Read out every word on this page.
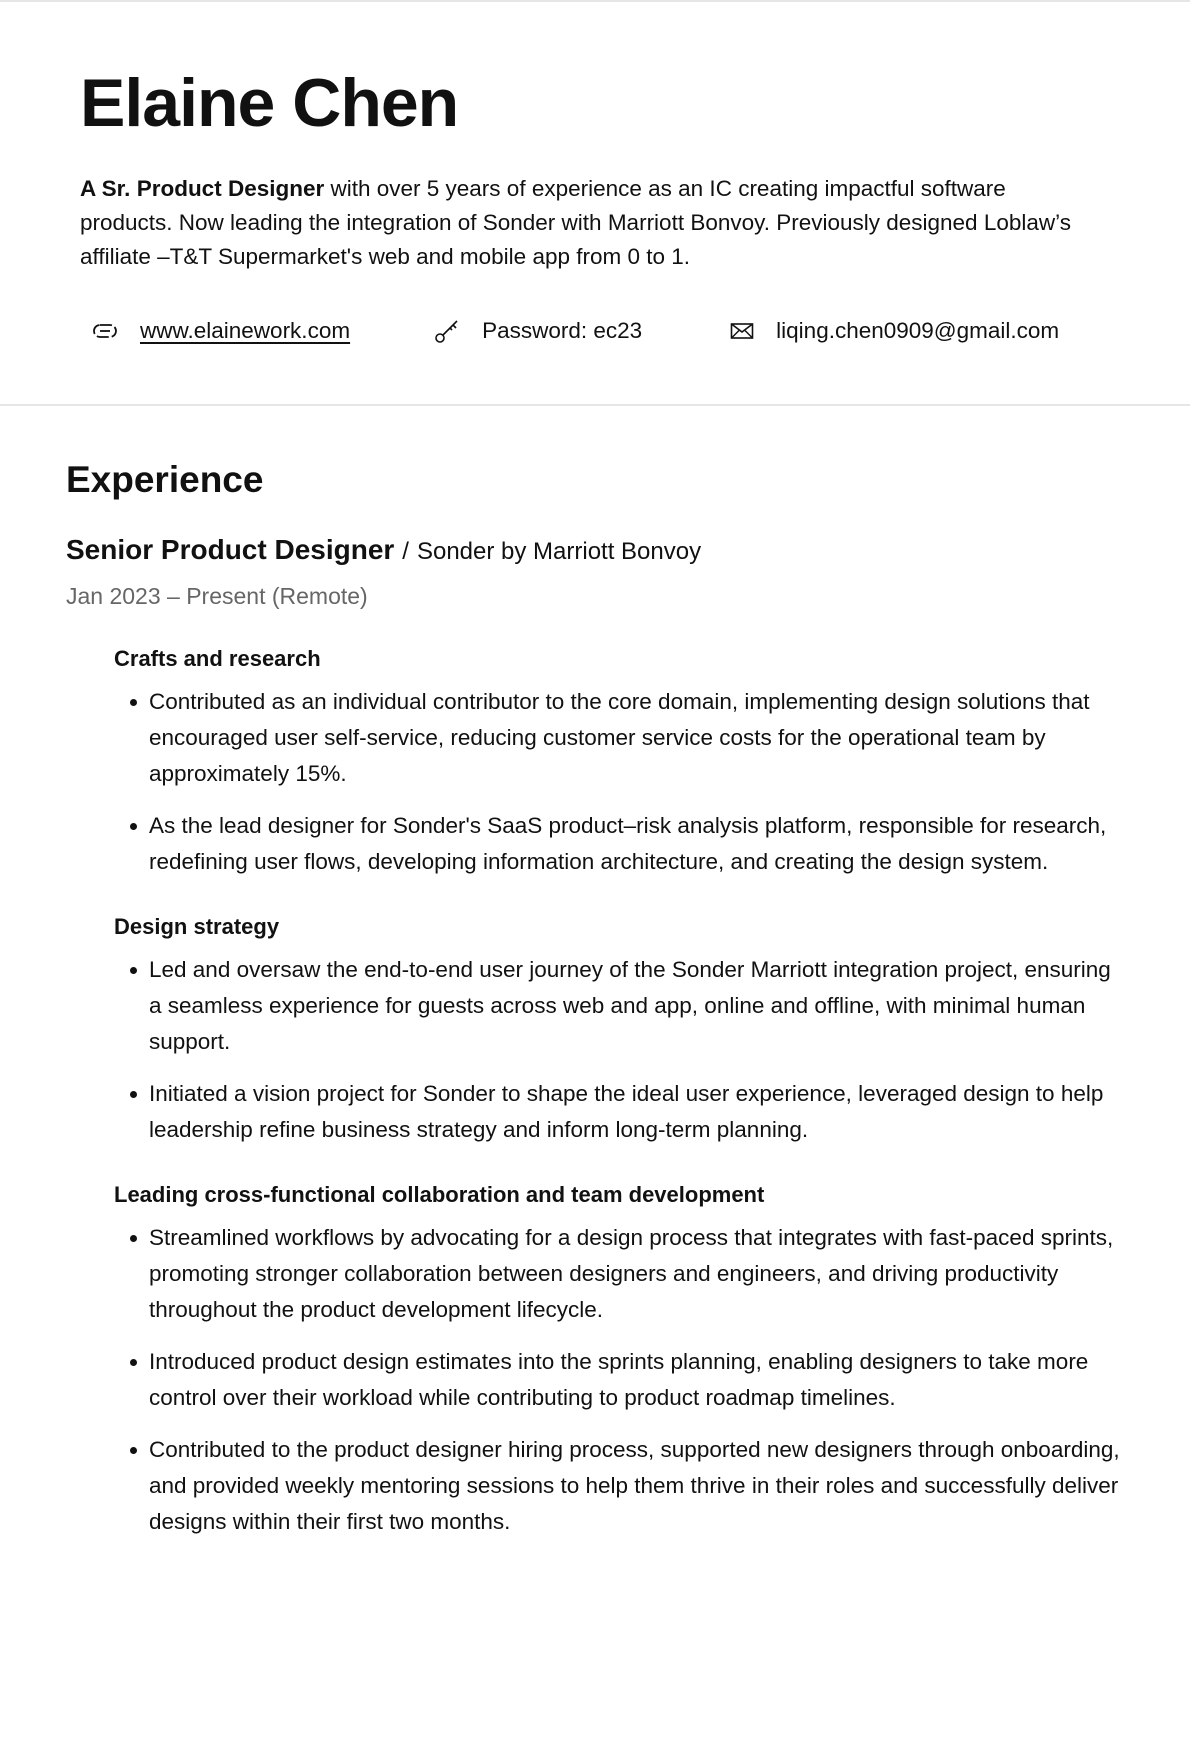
Elaine Chen

A Sr. Product Designer with over 5 years of experience as an IC creating impactful software products. Now leading the integration of Sonder with Marriott Bonvoy. Previously designed Loblaw’s affiliate –T&T Supermarket's web and mobile app from 0 to 1.

www.elainework.com	Password: ec23	liqing.chen0909@gmail.com
Experience
Senior Product Designer / Sonder by Marriott Bonvoy
Jan 2023 – Present (Remote)
Crafts and research
Contributed as an individual contributor to the core domain, implementing design solutions that encouraged user self-service, reducing customer service costs for the operational team by approximately 15%.
As the lead designer for Sonder's SaaS product–risk analysis platform, responsible for research, redefining user flows, developing information architecture, and creating the design system.
Design strategy
Led and oversaw the end-to-end user journey of the Sonder Marriott integration project, ensuring a seamless experience for guests across web and app, online and offline, with minimal human support.
Initiated a vision project for Sonder to shape the ideal user experience, leveraged design to help leadership refine business strategy and inform long-term planning.
Leading cross-functional collaboration and team development
Streamlined workflows by advocating for a design process that integrates with fast-paced sprints, promoting stronger collaboration between designers and engineers, and driving productivity throughout the product development lifecycle.
Introduced product design estimates into the sprints planning, enabling designers to take more control over their workload while contributing to product roadmap timelines.
Contributed to the product designer hiring process, supported new designers through onboarding, and provided weekly mentoring sessions to help them thrive in their roles and successfully deliver designs within their first two months.
